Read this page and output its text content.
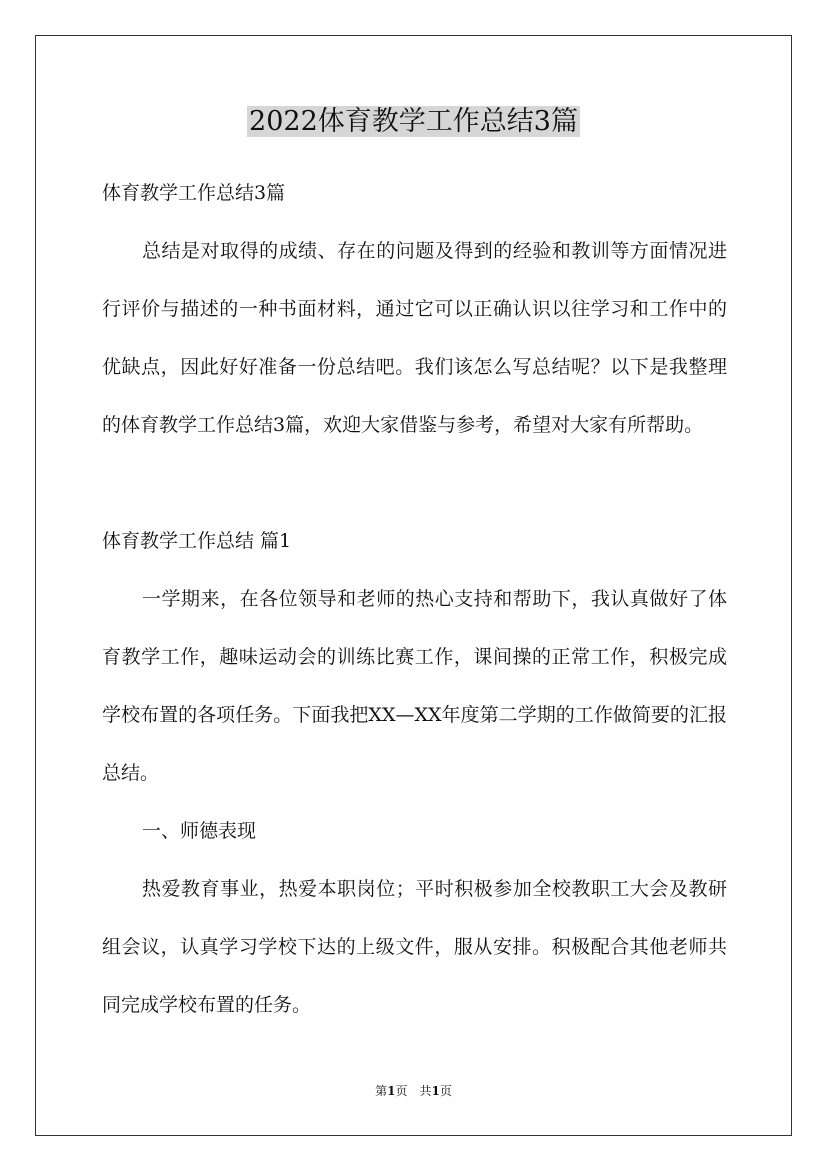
2022体育教学工作总结3篇

体育教学工作总结3篇

总结是对取得的成绩、存在的问题及得到的经验和教训等方面情况进行评价与描述的一种书面材料，通过它可以正确认识以往学习和工作中的优缺点，因此好好准备一份总结吧。我们该怎么写总结呢？以下是我整理的体育教学工作总结3篇，欢迎大家借鉴与参考，希望对大家有所帮助。

体育教学工作总结 篇1

一学期来，在各位领导和老师的热心支持和帮助下，我认真做好了体育教学工作，趣味运动会的训练比赛工作，课间操的正常工作，积极完成学校布置的各项任务。下面我把XX—XX年度第二学期的工作做简要的汇报总结。

一、师德表现

热爱教育事业，热爱本职岗位；平时积极参加全校教职工大会及教研组会议，认真学习学校下达的上级文件，服从安排。积极配合其他老师共同完成学校布置的任务。

第1页　共1页
